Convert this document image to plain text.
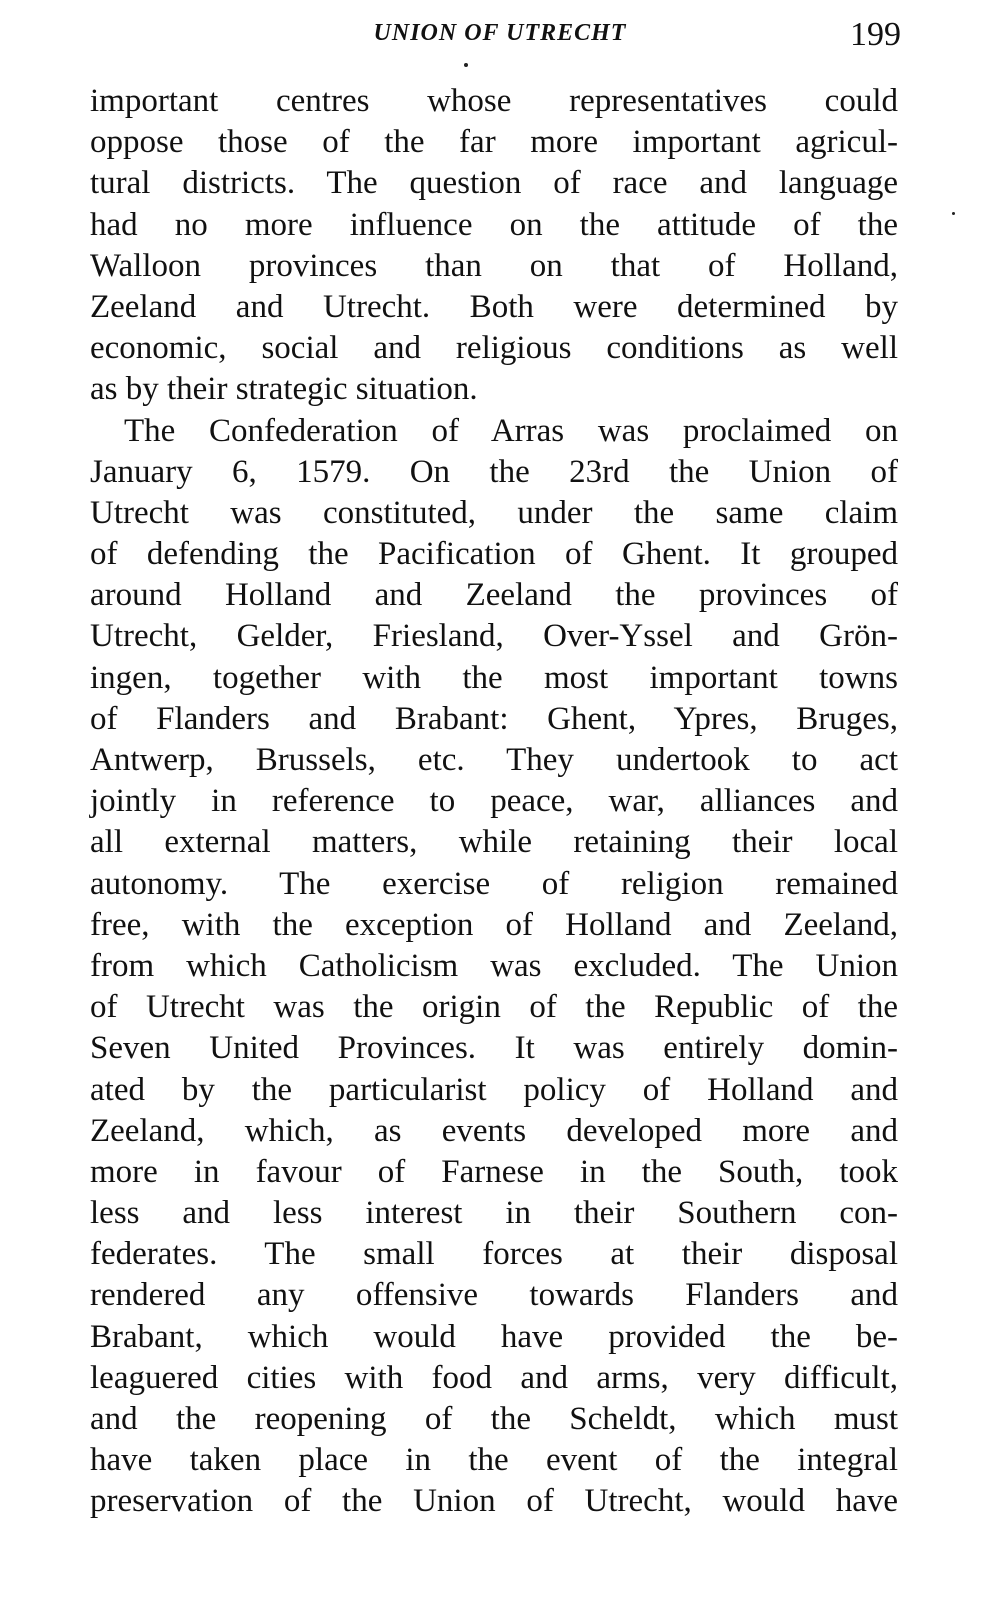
UNION OF UTRECHT	199
important centres whose representatives could
oppose those of the far more important agricul-
tural districts. The question of race and language
had no more influence on the attitude of the
Walloon provinces than on that of Holland,
Zeeland and Utrecht. Both were determined by
economic, social and religious conditions as well
as by their strategic situation.
The Confederation of Arras was proclaimed on
January 6, 1579. On the 23rd the Union of
Utrecht was constituted, under the same claim
of defending the Pacification of Ghent. It grouped
around Holland and Zeeland the provinces of
Utrecht, Gelder, Friesland, Over-Yssel and Grön-
ingen, together with the most important towns
of Flanders and Brabant: Ghent, Ypres, Bruges,
Antwerp, Brussels, etc. They undertook to act
jointly in reference to peace, war, alliances and
all external matters, while retaining their local
autonomy. The exercise of religion remained
free, with the exception of Holland and Zeeland,
from which Catholicism was excluded. The Union
of Utrecht was the origin of the Republic of the
Seven United Provinces. It was entirely domin-
ated by the particularist policy of Holland and
Zeeland, which, as events developed more and
more in favour of Farnese in the South, took
less and less interest in their Southern con-
federates. The small forces at their disposal
rendered any offensive towards Flanders and
Brabant, which would have provided the be-
leaguered cities with food and arms, very difficult,
and the reopening of the Scheldt, which must
have taken place in the event of the integral
preservation of the Union of Utrecht, would have
